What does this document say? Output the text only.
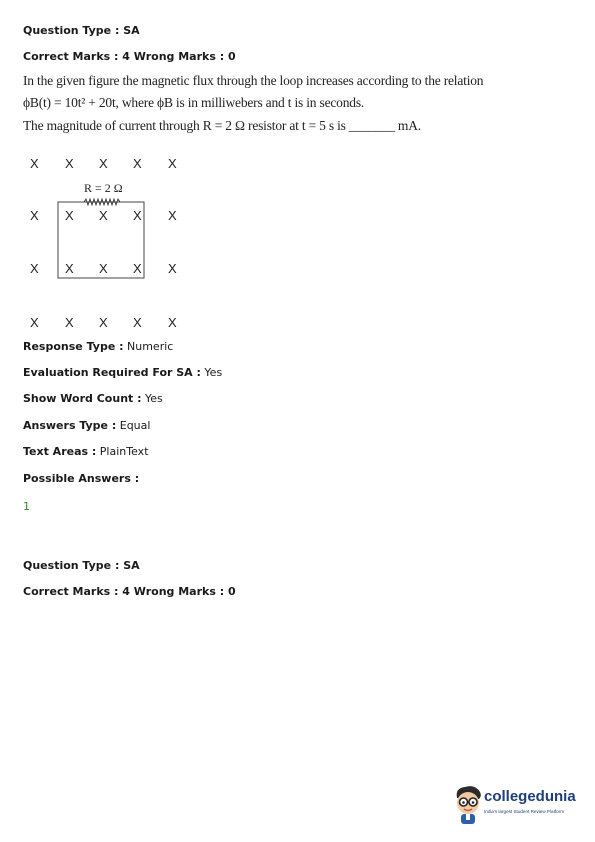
Question Type : SA
Correct Marks : 4 Wrong Marks : 0
In the given figure the magnetic flux through the loop increases according to the relation
ϕB(t) = 10t² + 20t, where ϕB is in milliwebers and t is in seconds.
The magnitude of current through R = 2 Ω resistor at t = 5 s is _______ mA.
R = 2 Ω
X X X X X
X X X X X
X X X X X
X X X X X
Response Type : Numeric
Evaluation Required For SA : Yes
Show Word Count : Yes
Answers Type : Equal
Text Areas : PlainText
Possible Answers :
1
Question Type : SA
Correct Marks : 4 Wrong Marks : 0
collegedunia
India's largest Student Review Platform
